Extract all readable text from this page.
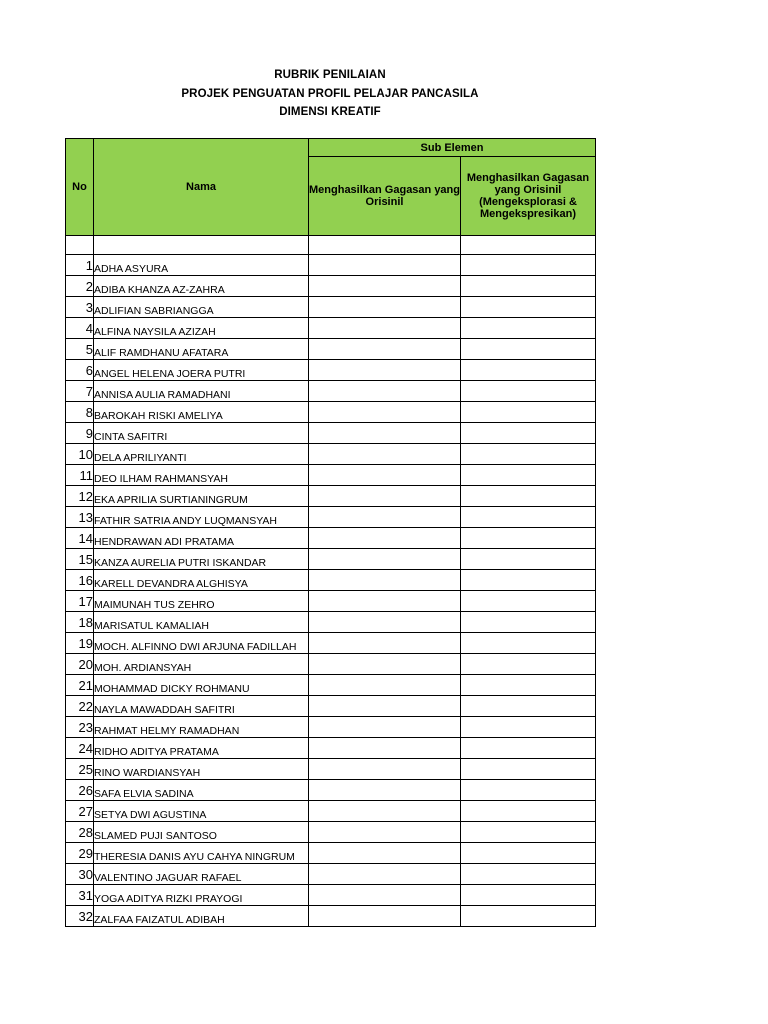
RUBRIK PENILAIAN
PROJEK PENGUATAN PROFIL PELAJAR PANCASILA
DIMENSI KREATIF
No	Nama	Sub Elemen	
		Menghasilkan Gagasan yang Orisinil	Menghasilkan Gagasan yang Orisinil (Mengeksplorasi & Mengekspresikan)

1	ADHA ASYURA		
2	ADIBA KHANZA AZ-ZAHRA		
3	ADLIFIAN SABRIANGGA		
4	ALFINA NAYSILA AZIZAH		
5	ALIF RAMDHANU AFATARA		
6	ANGEL HELENA JOERA PUTRI		
7	ANNISA AULIA RAMADHANI		
8	BAROKAH RISKI AMELIYA		
9	CINTA SAFITRI		
10	DELA APRILIYANTI		
11	DEO ILHAM RAHMANSYAH		
12	EKA APRILIA SURTIANINGRUM		
13	FATHIR SATRIA ANDY LUQMANSYAH		
14	HENDRAWAN ADI PRATAMA		
15	KANZA AURELIA PUTRI ISKANDAR		
16	KARELL DEVANDRA ALGHISYA		
17	MAIMUNAH TUS ZEHRO		
18	MARISATUL KAMALIAH		
19	MOCH. ALFINNO DWI ARJUNA FADILLAH		
20	MOH. ARDIANSYAH		
21	MOHAMMAD DICKY ROHMANU		
22	NAYLA MAWADDAH SAFITRI		
23	RAHMAT HELMY RAMADHAN		
24	RIDHO ADITYA PRATAMA		
25	RINO WARDIANSYAH		
26	SAFA ELVIA SADINA		
27	SETYA DWI AGUSTINA		
28	SLAMED PUJI SANTOSO		
29	THERESIA DANIS AYU CAHYA NINGRUM		
30	VALENTINO JAGUAR RAFAEL		
31	YOGA ADITYA RIZKI PRAYOGI		
32	ZALFAA FAIZATUL ADIBAH		
